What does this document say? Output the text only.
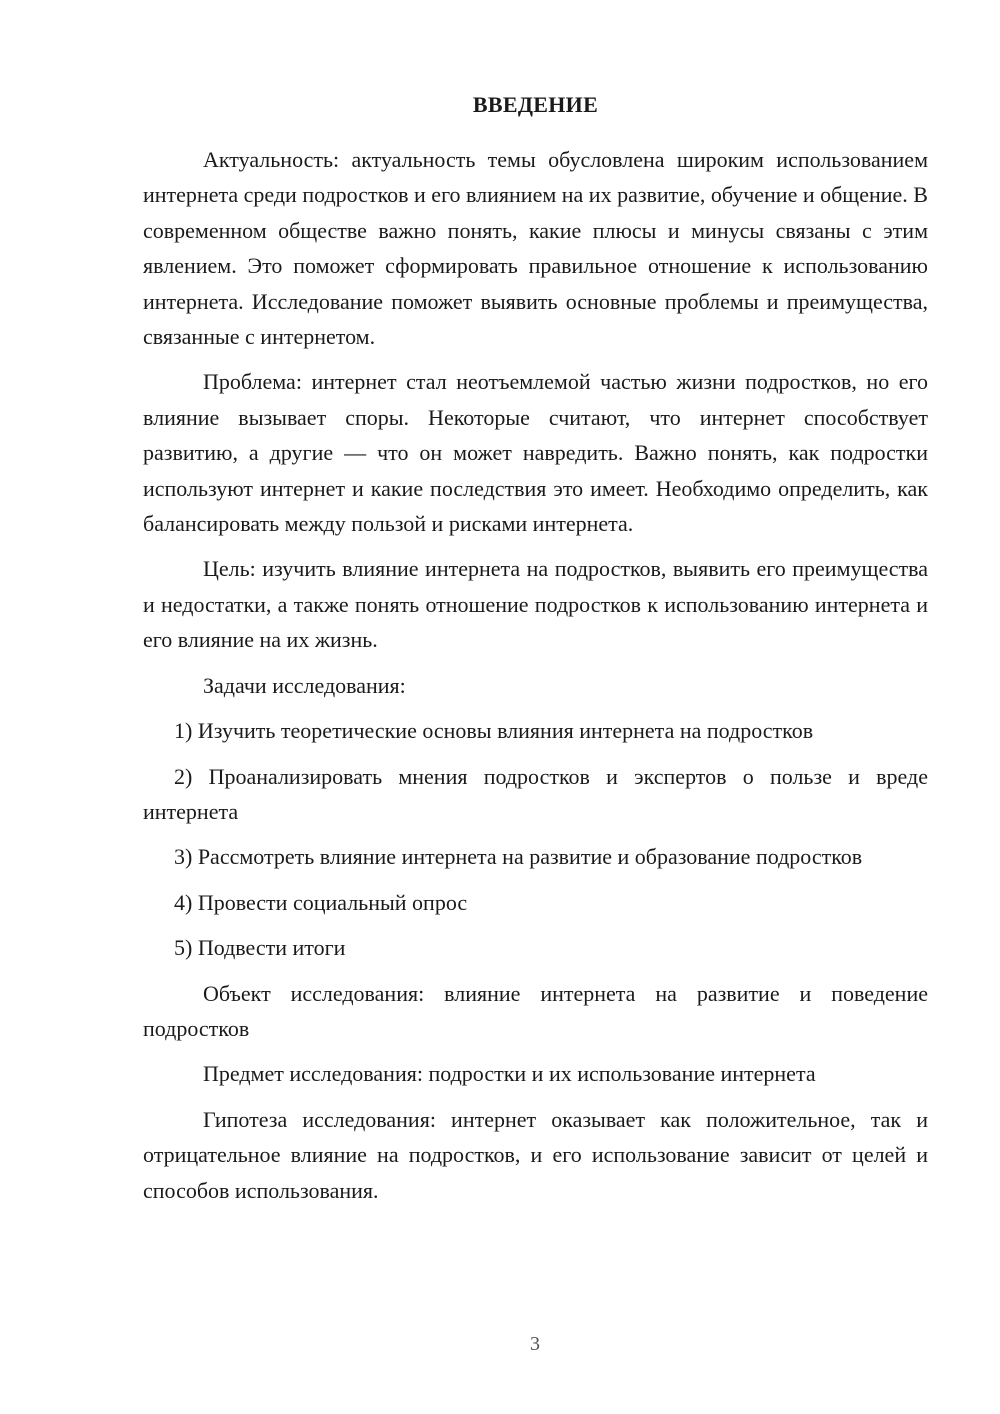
ВВЕДЕНИЕ

Актуальность: актуальность темы обусловлена широким использованием интернета среди подростков и его влиянием на их развитие, обучение и общение. В современном обществе важно понять, какие плюсы и минусы связаны с этим явлением. Это поможет сформировать правильное отношение к использованию интернета. Исследование поможет выявить основные проблемы и преимущества, связанные с интернетом.

Проблема: интернет стал неотъемлемой частью жизни подростков, но его влияние вызывает споры. Некоторые считают, что интернет способствует развитию, а другие — что он может навредить. Важно понять, как подростки используют интернет и какие последствия это имеет. Необходимо определить, как балансировать между пользой и рисками интернета.

Цель: изучить влияние интернета на подростков, выявить его преимущества и недостатки, а также понять отношение подростков к использованию интернета и его влияние на их жизнь.

Задачи исследования:

1) Изучить теоретические основы влияния интернета на подростков

2) Проанализировать мнения подростков и экспертов о пользе и вреде интернета

3) Рассмотреть влияние интернета на развитие и образование подростков

4) Провести социальный опрос

5) Подвести итоги

Объект исследования: влияние интернета на развитие и поведение подростков

Предмет исследования: подростки и их использование интернета

Гипотеза исследования: интернет оказывает как положительное, так и отрицательное влияние на подростков, и его использование зависит от целей и способов использования.

3
